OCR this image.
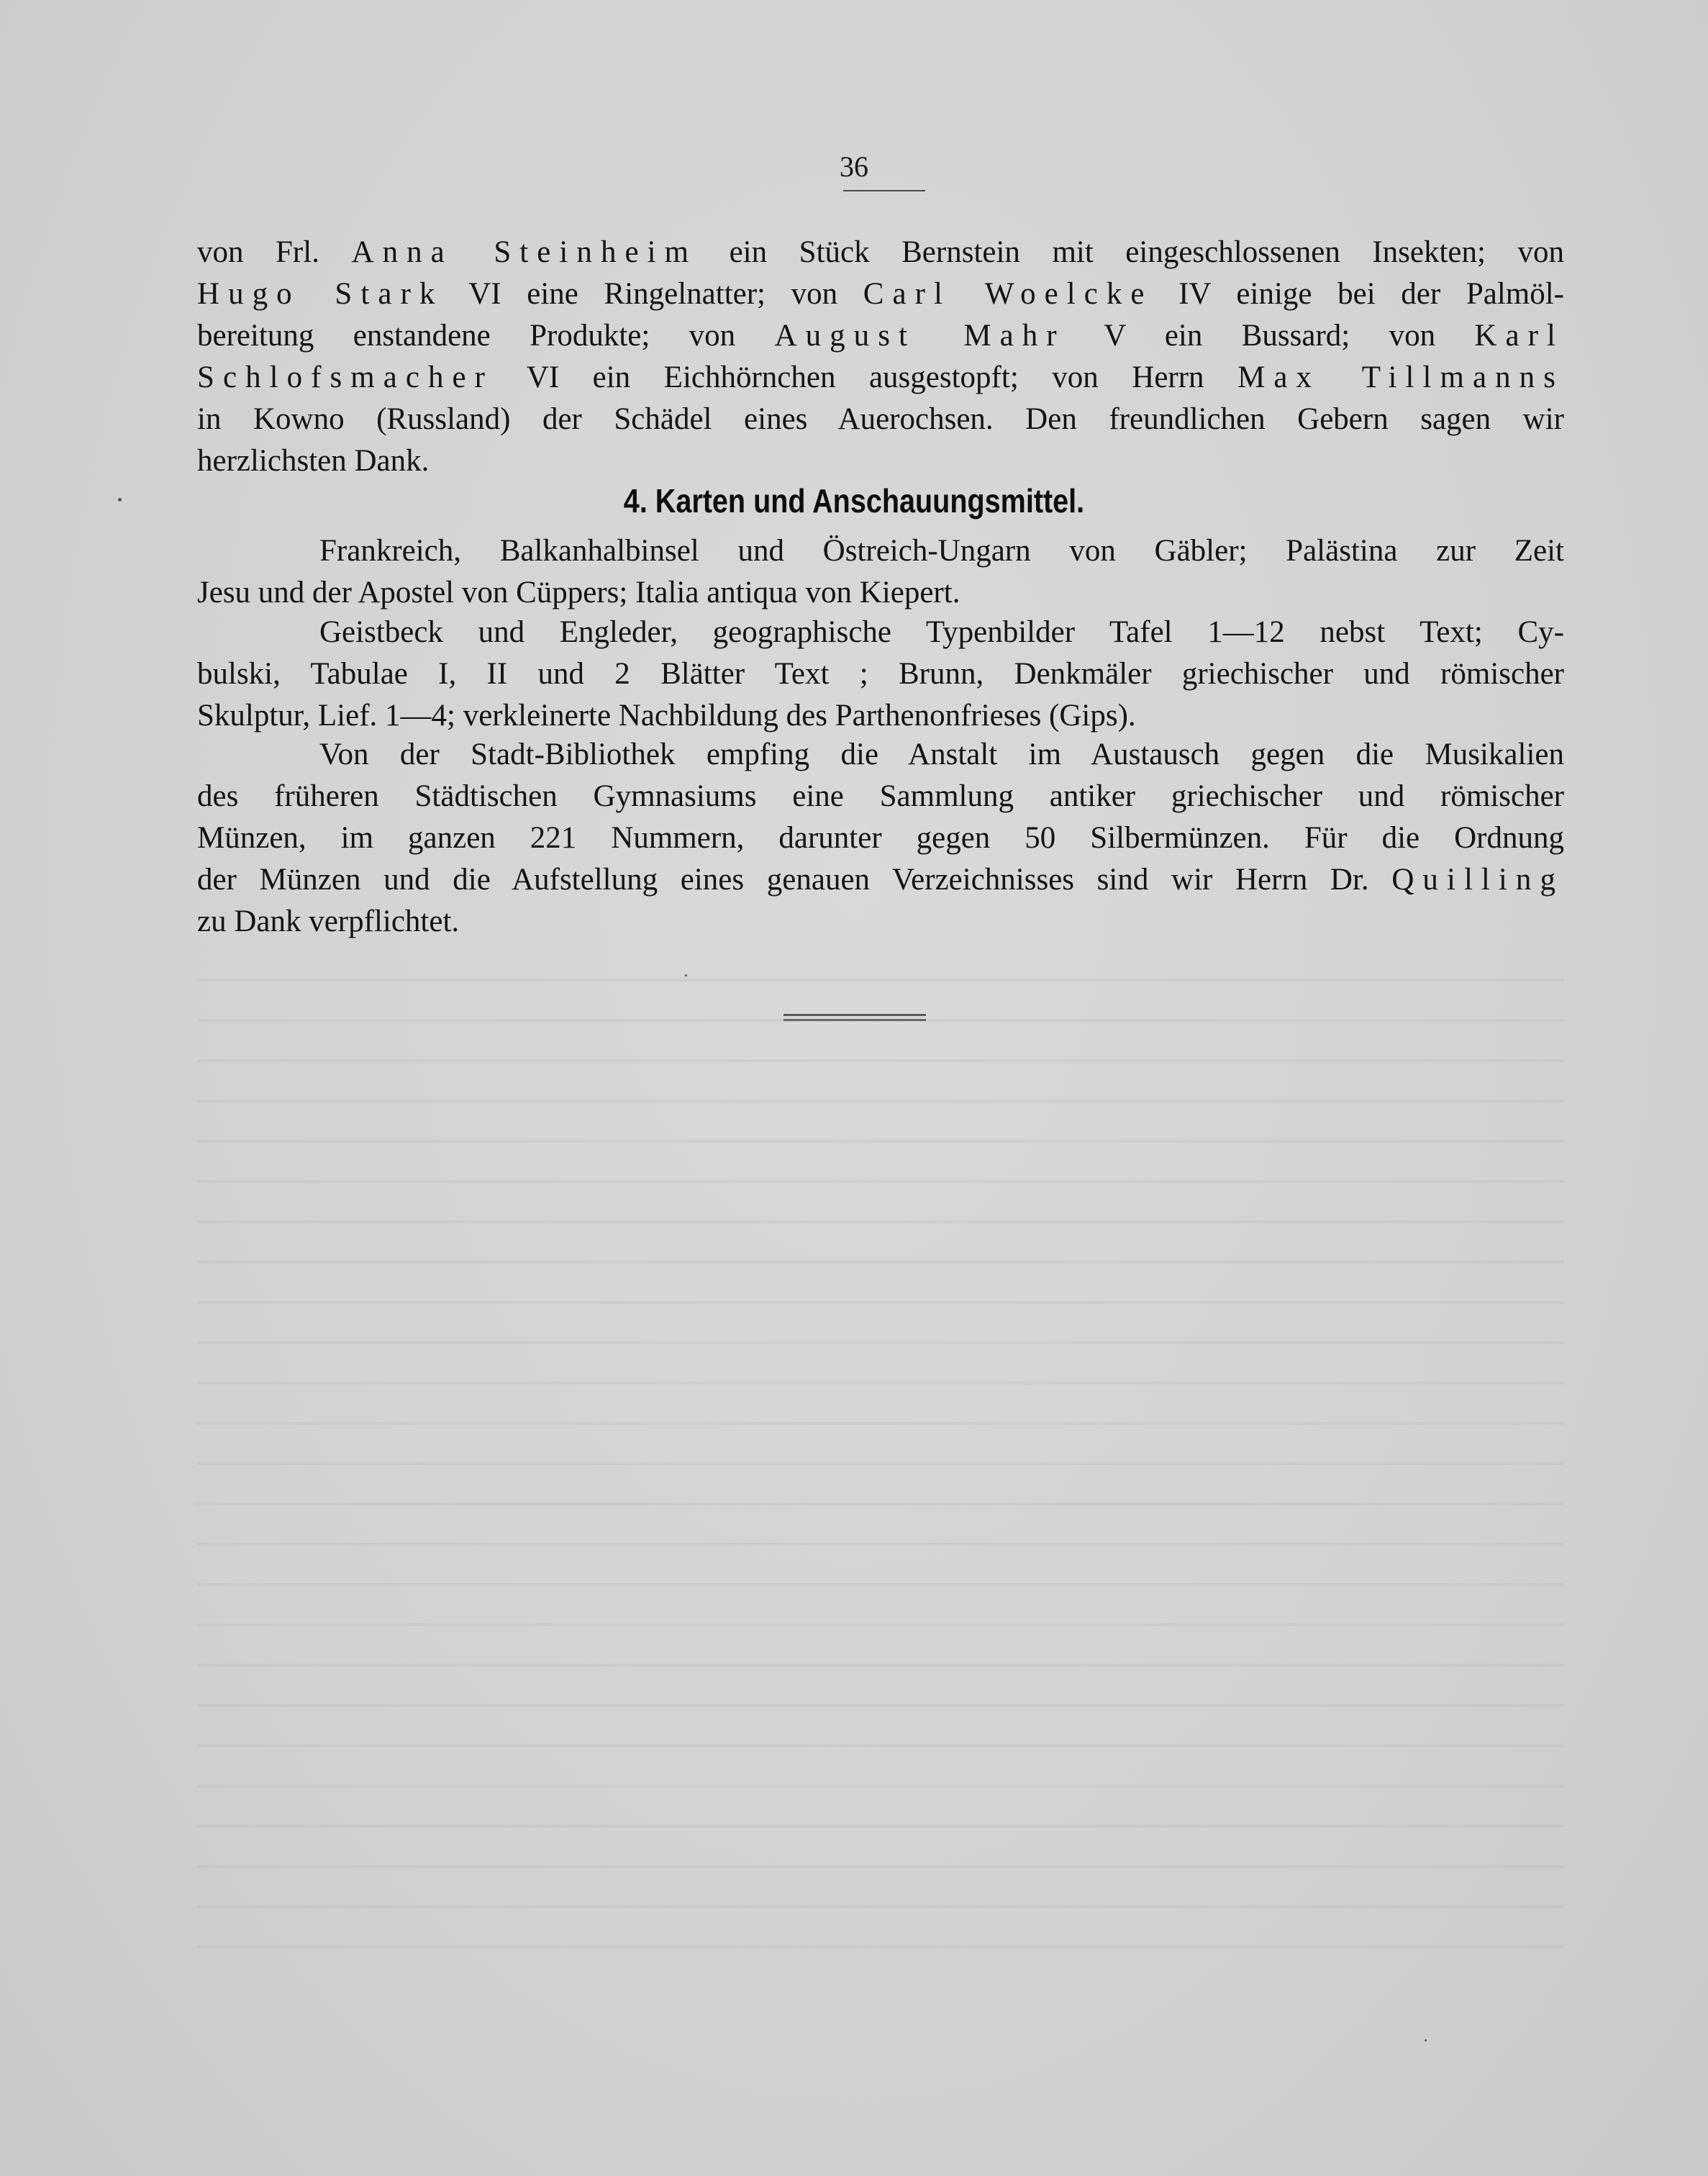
36
von Frl. Anna Steinheim ein Stück Bernstein mit eingeschlossenen Insekten; von
Hugo Stark VI eine Ringelnatter; von Carl Woelcke IV einige bei der Palmöl-
bereitung enstandene Produkte; von August Mahr V ein Bussard; von Karl
Schlofsmacher VI ein Eichhörnchen ausgestopft; von Herrn Max Tillmanns
in Kowno (Russland) der Schädel eines Auerochsen. Den freundlichen Gebern sagen wir
herzlichsten Dank.
4. Karten und Anschauungsmittel.
Frankreich, Balkanhalbinsel und Östreich-Ungarn von Gäbler; Palästina zur Zeit
Jesu und der Apostel von Cüppers; Italia antiqua von Kiepert.
Geistbeck und Engleder, geographische Typenbilder Tafel 1—12 nebst Text; Cy-
bulski, Tabulae I, II und 2 Blätter Text ; Brunn, Denkmäler griechischer und römischer
Skulptur, Lief. 1—4; verkleinerte Nachbildung des Parthenonfrieses (Gips).
Von der Stadt-Bibliothek empfing die Anstalt im Austausch gegen die Musikalien
des früheren Städtischen Gymnasiums eine Sammlung antiker griechischer und römischer
Münzen, im ganzen 221 Nummern, darunter gegen 50 Silbermünzen. Für die Ordnung
der Münzen und die Aufstellung eines genauen Verzeichnisses sind wir Herrn Dr. Quilling
zu Dank verpflichtet.
